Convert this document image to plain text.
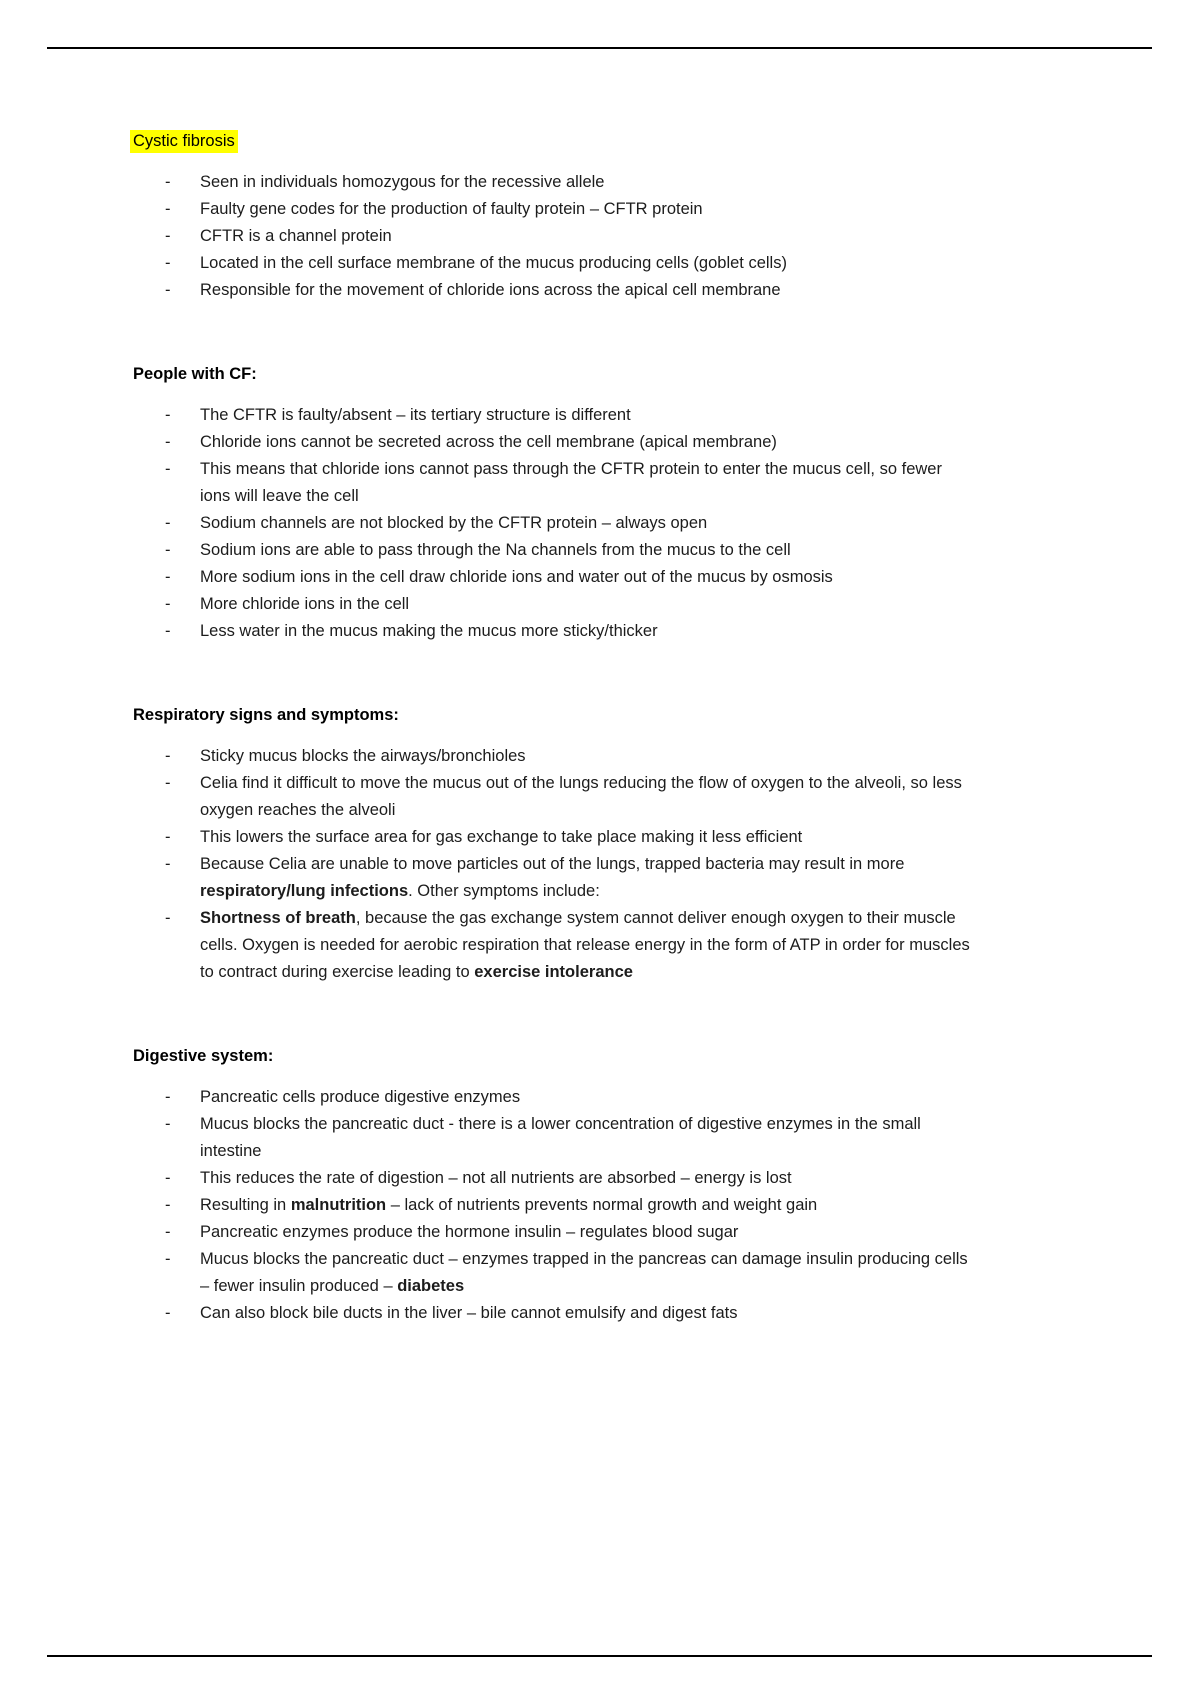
Cystic fibrosis
-	Seen in individuals homozygous for the recessive allele
-	Faulty gene codes for the production of faulty protein – CFTR protein
-	CFTR is a channel protein
-	Located in the cell surface membrane of the mucus producing cells (goblet cells)
-	Responsible for the movement of chloride ions across the apical cell membrane
People with CF:
-	The CFTR is faulty/absent – its tertiary structure is different
-	Chloride ions cannot be secreted across the cell membrane (apical membrane)
-	This means that chloride ions cannot pass through the CFTR protein to enter the mucus cell, so fewer ions will leave the cell
-	Sodium channels are not blocked by the CFTR protein – always open
-	Sodium ions are able to pass through the Na channels from the mucus to the cell
-	More sodium ions in the cell draw chloride ions and water out of the mucus by osmosis
-	More chloride ions in the cell
-	Less water in the mucus making the mucus more sticky/thicker
Respiratory signs and symptoms:
-	Sticky mucus blocks the airways/bronchioles
-	Celia find it difficult to move the mucus out of the lungs reducing the flow of oxygen to the alveoli, so less oxygen reaches the alveoli
-	This lowers the surface area for gas exchange to take place making it less efficient
-	Because Celia are unable to move particles out of the lungs, trapped bacteria may result in more respiratory/lung infections. Other symptoms include:
-	Shortness of breath, because the gas exchange system cannot deliver enough oxygen to their muscle cells. Oxygen is needed for aerobic respiration that release energy in the form of ATP in order for muscles to contract during exercise leading to exercise intolerance
Digestive system:
-	Pancreatic cells produce digestive enzymes
-	Mucus blocks the pancreatic duct - there is a lower concentration of digestive enzymes in the small intestine
-	This reduces the rate of digestion – not all nutrients are absorbed – energy is lost
-	Resulting in malnutrition – lack of nutrients prevents normal growth and weight gain
-	Pancreatic enzymes produce the hormone insulin – regulates blood sugar
-	Mucus blocks the pancreatic duct – enzymes trapped in the pancreas can damage insulin producing cells – fewer insulin produced – diabetes
-	Can also block bile ducts in the liver – bile cannot emulsify and digest fats
